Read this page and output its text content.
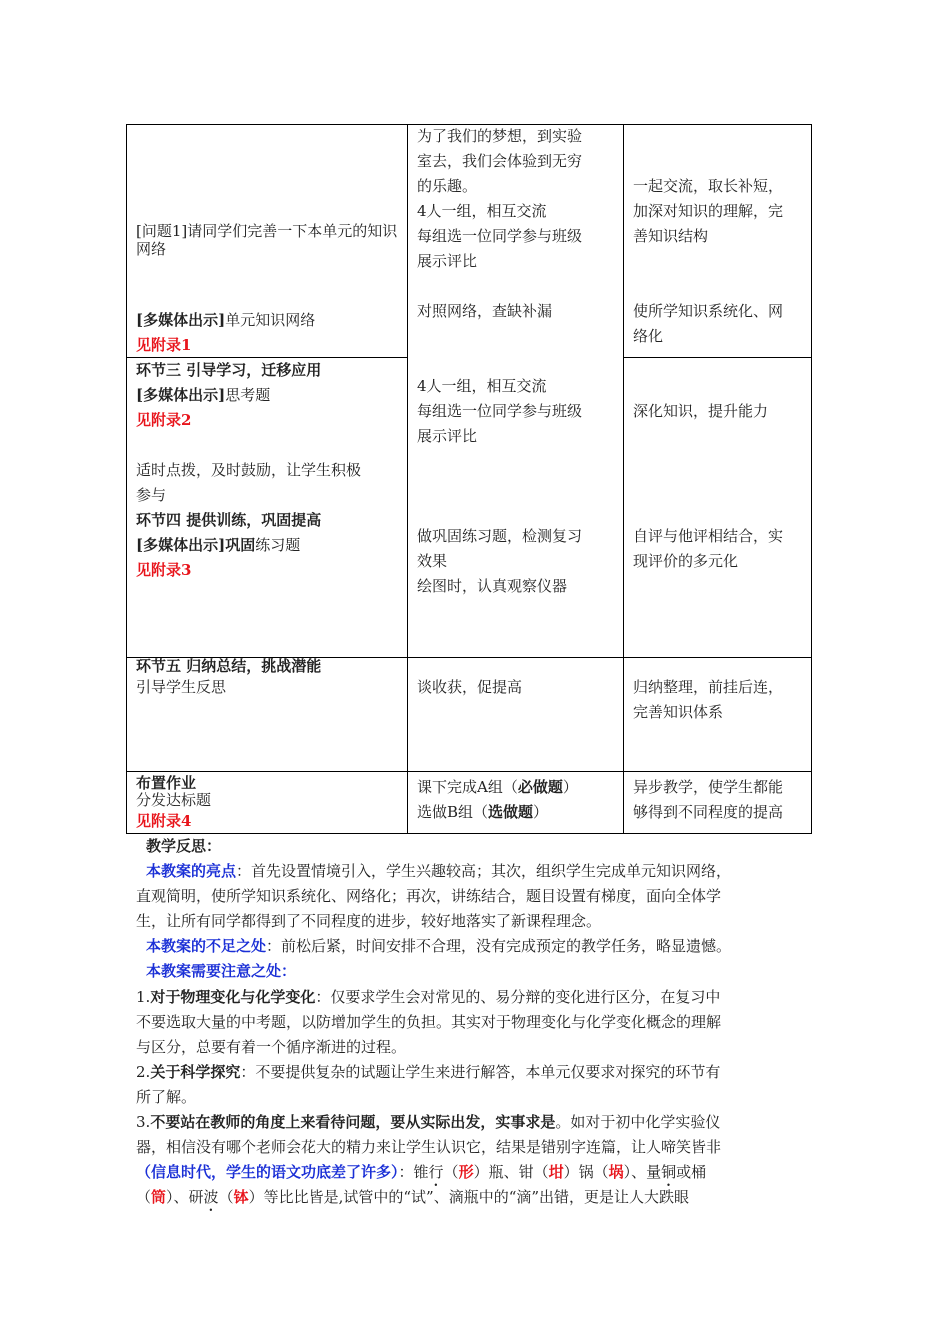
[问题1]请同学们完善一下本单元的知识网络
[多媒体出示]单元知识网络
见附录1
为了我们的梦想，到实验
室去，我们会体验到无穷
的乐趣。
4人一组，相互交流
每组选一位同学参与班级
展示评比
对照网络，查缺补漏
一起交流，取长补短，
加深对知识的理解，完
善知识结构
使所学知识系统化、网
络化
环节三 引导学习，迁移应用
[多媒体出示]思考题
见附录2
适时点拨，及时鼓励，让学生积极
参与
环节四 提供训练，巩固提高
[多媒体出示]巩固练习题
见附录3
4人一组，相互交流
每组选一位同学参与班级
展示评比
做巩固练习题，检测复习
效果
绘图时，认真观察仪器
深化知识，提升能力
自评与他评相结合，实
现评价的多元化
环节五 归纳总结，挑战潜能
引导学生反思	谈收获，促提高	归纳整理，前挂后连，
完善知识体系
布置作业
分发达标题
见附录4
课下完成A组（必做题）
选做B组（选做题）
异步教学，使学生都能
够得到不同程度的提高
教学反思：
本教案的亮点：首先设置情境引入，学生兴趣较高；其次，组织学生完成单元知识网络，
直观简明，使所学知识系统化、网络化；再次，讲练结合，题目设置有梯度，面向全体学
生，让所有同学都得到了不同程度的进步，较好地落实了新课程理念。
本教案的不足之处：前松后紧，时间安排不合理，没有完成预定的教学任务，略显遗憾。
本教案需要注意之处：
1.对于物理变化与化学变化：仅要求学生会对常见的、易分辩的变化进行区分，在复习中
不要选取大量的中考题，以防增加学生的负担。其实对于物理变化与化学变化概念的理解
与区分，总要有着一个循序渐进的过程。
2.关于科学探究：不要提供复杂的试题让学生来进行解答，本单元仅要求对探究的环节有
所了解。
3.不要站在教师的角度上来看待问题，要从实际出发，实事求是。如对于初中化学实验仪
器，相信没有哪个老师会花大的精力来让学生认识它，结果是错别字连篇，让人啼笑皆非
（信息时代，学生的语文功底差了许多）：锥行（形）瓶、钳（坩）锅（埚）、量铜或桶
（筒）、研波（钵）等比比皆是,试管中的“试”、滴瓶中的“滴”出错，更是让人大跌眼
